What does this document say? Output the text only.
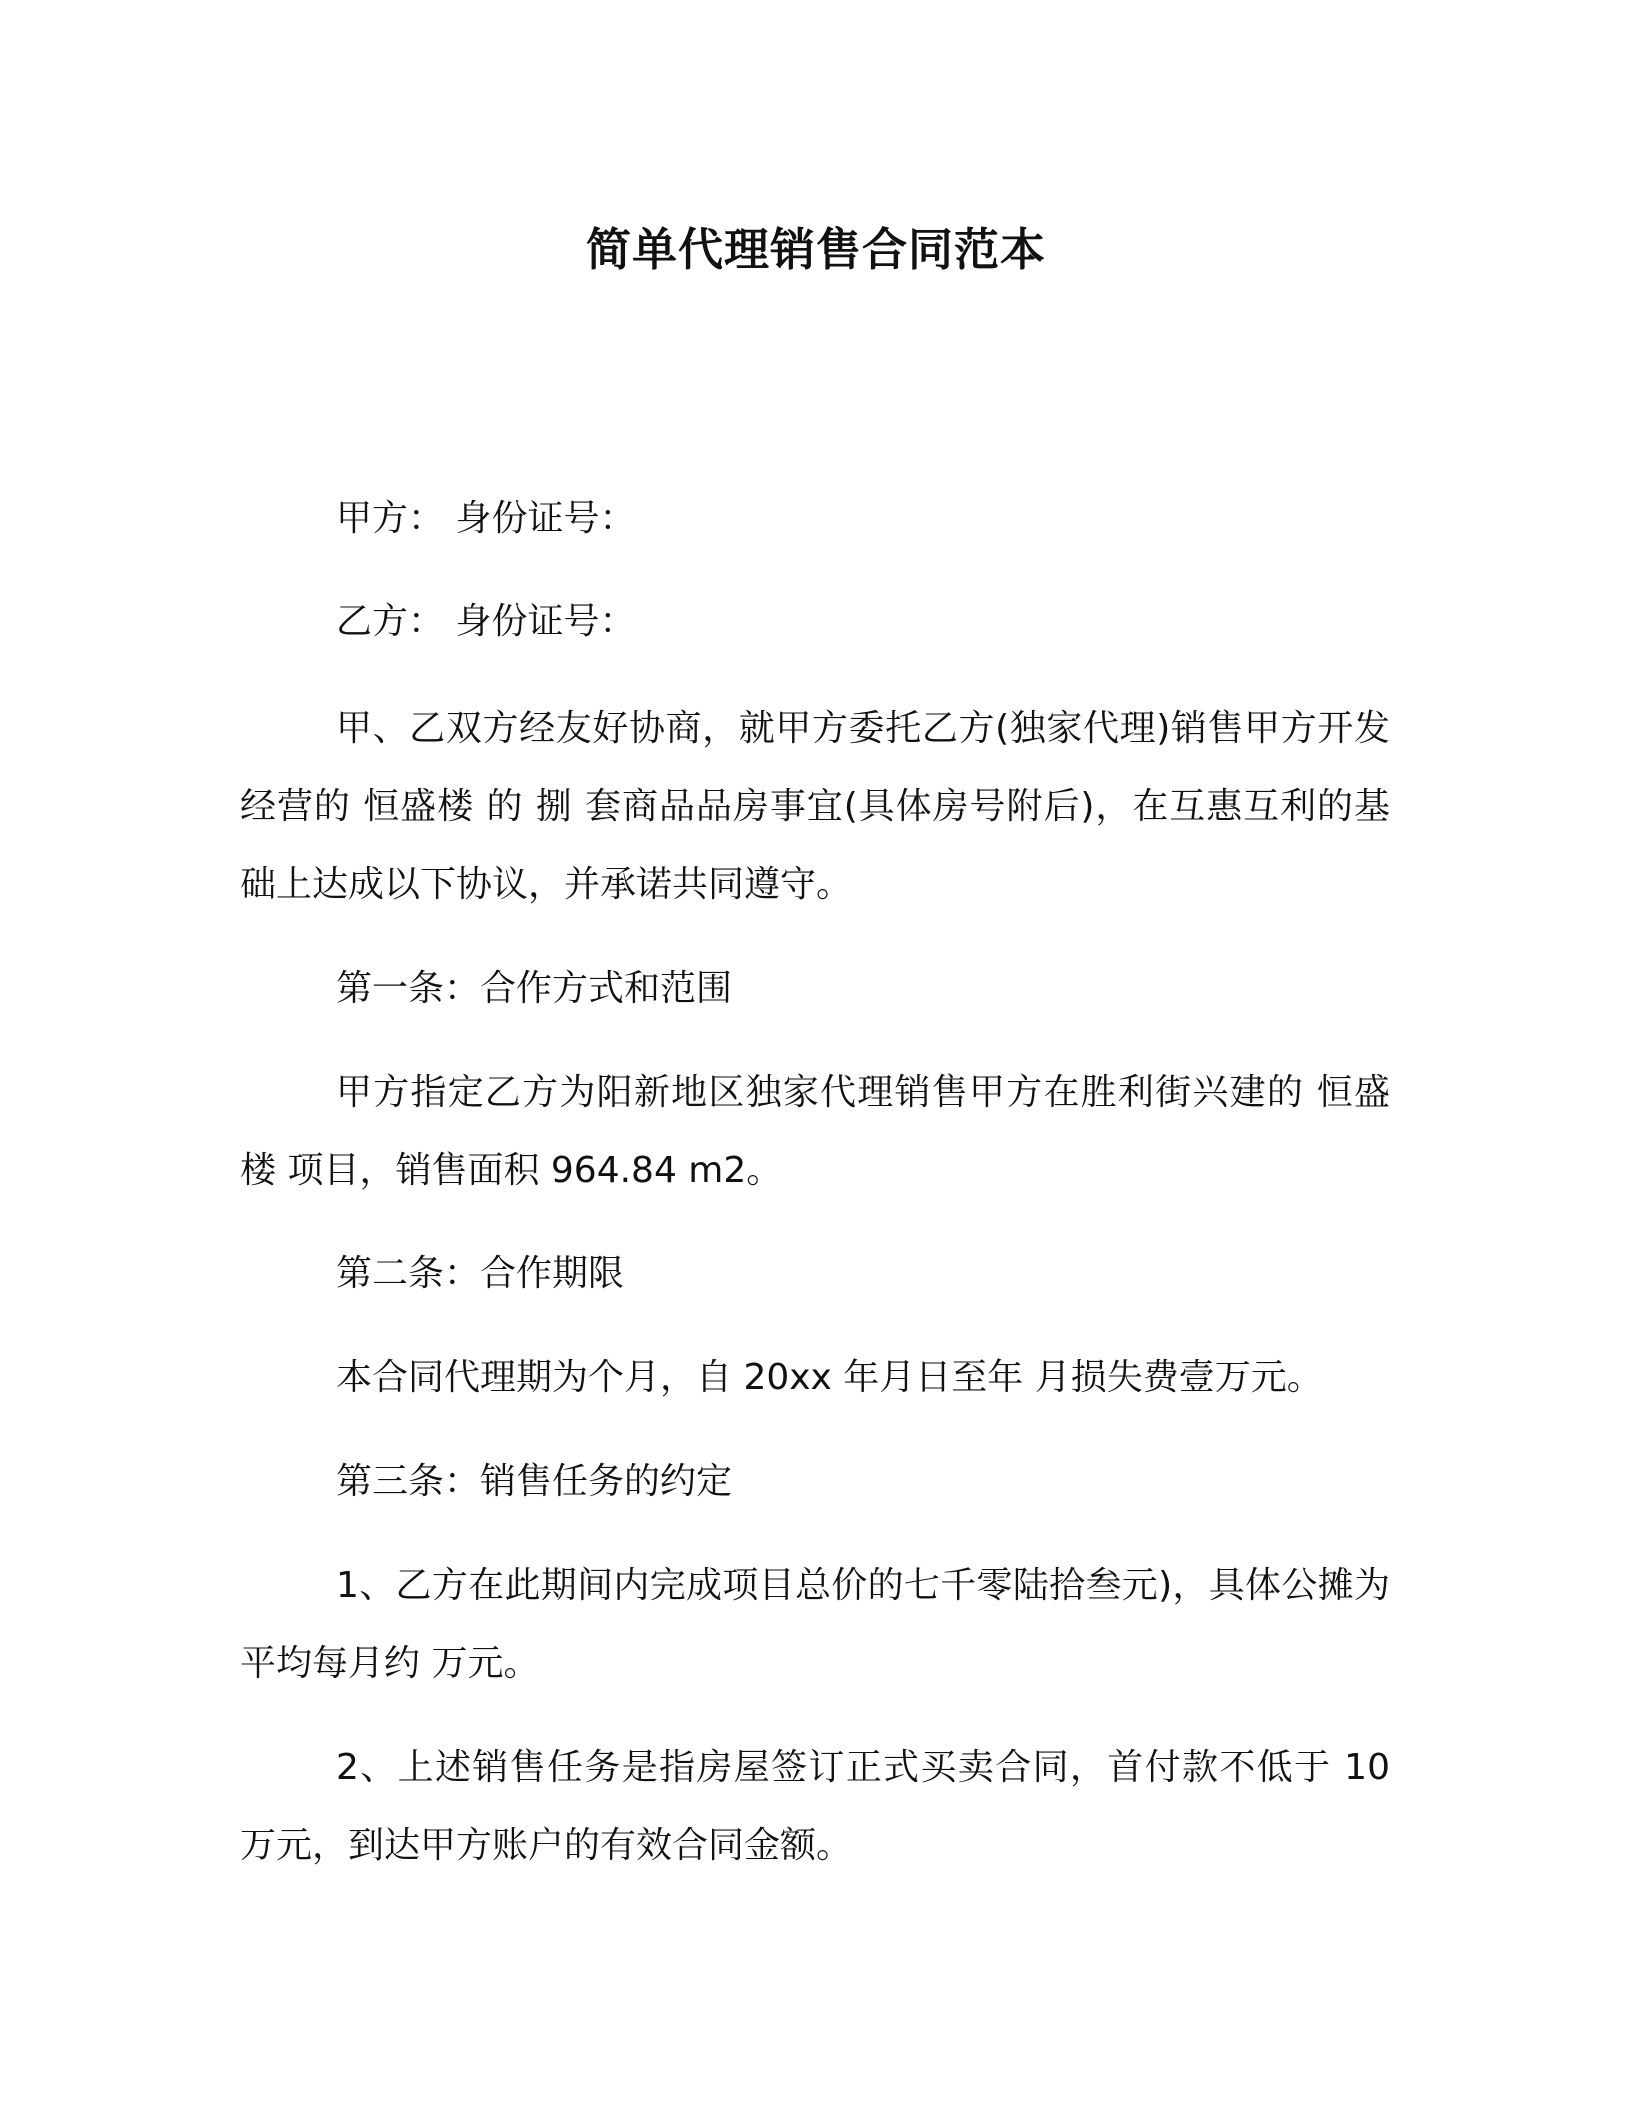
简单代理销售合同范本

甲方： 身份证号：

乙方： 身份证号：

甲、乙双方经友好协商，就甲方委托乙方(独家代理)销售甲方开发经营的 恒盛楼 的 捌 套商品品房事宜(具体房号附后)，在互惠互利的基础上达成以下协议，并承诺共同遵守。

第一条：合作方式和范围

甲方指定乙方为阳新地区独家代理销售甲方在胜利街兴建的 恒盛楼 项目，销售面积 964.84 m2。

第二条：合作期限

本合同代理期为个月，自 20xx 年月日至年 月损失费壹万元。

第三条：销售任务的约定

1、乙方在此期间内完成项目总价的七千零陆拾叁元)，具体公摊为平均每月约 万元。

2、上述销售任务是指房屋签订正式买卖合同，首付款不低于 10 万元，到达甲方账户的有效合同金额。
